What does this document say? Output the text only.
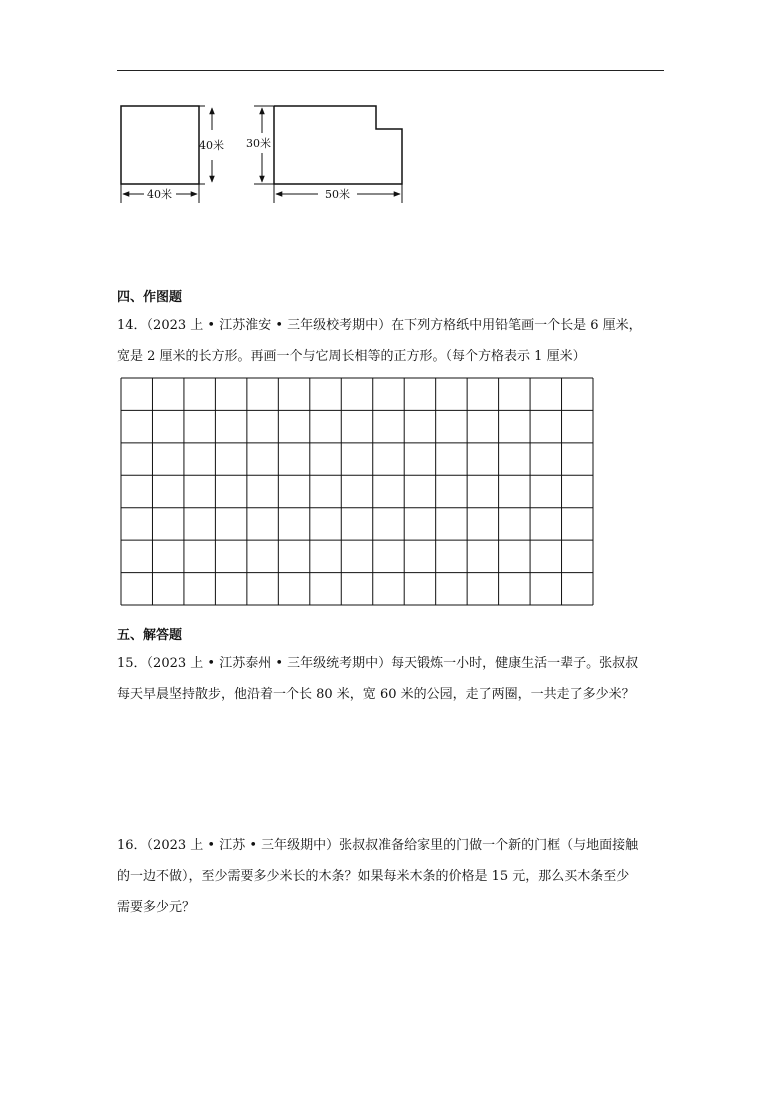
40米
40米
30米
50米
四、作图题
14．（2023 上 • 江苏淮安 • 三年级校考期中）在下列方格纸中用铅笔画一个长是 6 厘米，
宽是 2 厘米的长方形。再画一个与它周长相等的正方形。（每个方格表示 1 厘米）
五、解答题
15．（2023 上 • 江苏泰州 • 三年级统考期中）每天锻炼一小时，健康生活一辈子。张叔叔
每天早晨坚持散步，他沿着一个长 80 米，宽 60 米的公园，走了两圈，一共走了多少米？
16．（2023 上 • 江苏 • 三年级期中）张叔叔准备给家里的门做一个新的门框（与地面接触
的一边不做），至少需要多少米长的木条？如果每米木条的价格是 15 元，那么买木条至少
需要多少元？
